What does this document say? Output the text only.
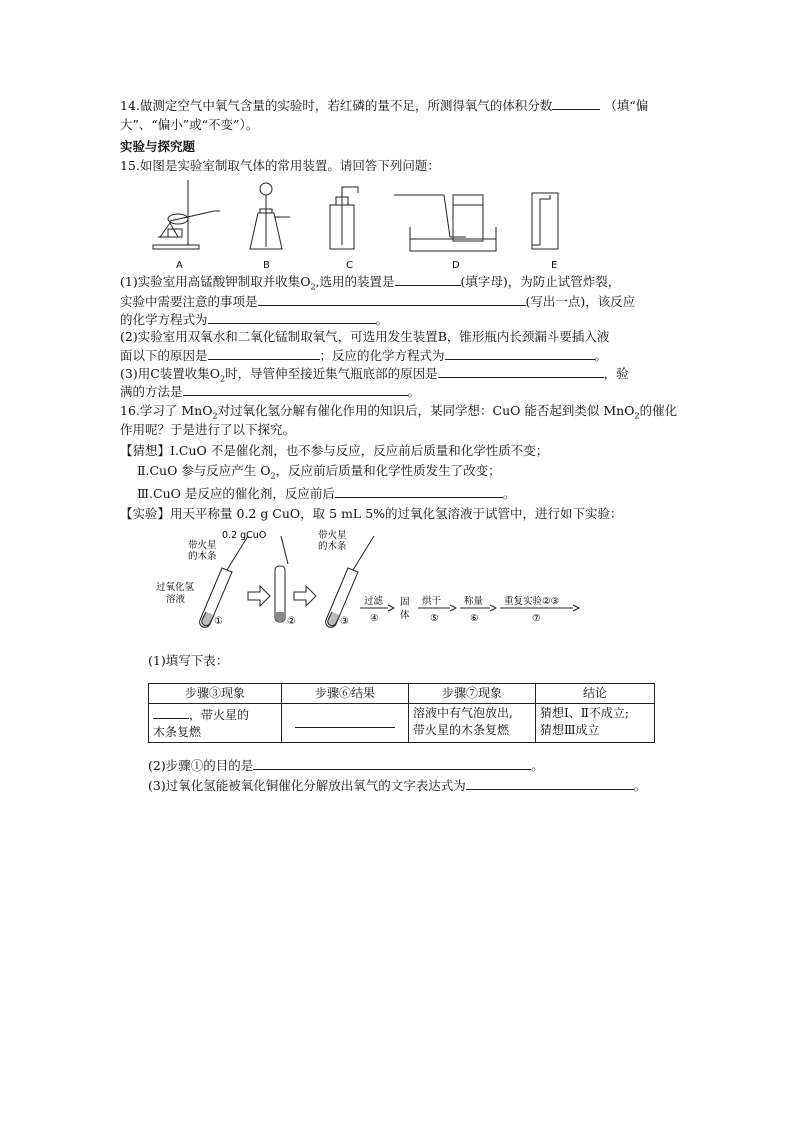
14.做测定空气中氧气含量的实验时，若红磷的量不足，所测得氧气的体积分数	（填“偏
大”、“偏小”或“不变”）。
实验与探究题
15.如图是实验室制取气体的常用装置。请回答下列问题：
A	B	C	D	E
(1)实验室用高锰酸钾制取并收集$O_2$,选用的装置是	(填字母)，为防止试管炸裂，
实验中需要注意的事项是	(写出一点)，该反应
的化学方程式为	。
(2)实验室用双氧水和二氧化锰制取氧气，可选用发生装置B，锥形瓶内长颈漏斗要插入液
面以下的原因是	；反应的化学方程式为	。
(3)用C装置收集$O_2$时，导管伸至接近集气瓶底部的原因是	，验
满的方法是	。
16.学习了 MnO$_2$对过氧化氢分解有催化作用的知识后，某同学想：CuO 能否起到类似 MnO$_2$的催化
作用呢？于是进行了以下探究。
【猜想】Ⅰ.CuO 不是催化剂，也不参与反应，反应前后质量和化学性质不变；
Ⅱ.CuO 参与反应产生 $O_2$，反应前后质量和化学性质发生了改变；
Ⅲ.CuO 是反应的催化剂，反应前后	。
【实验】用天平称量 0.2 g CuO，取 5 mL 5%的过氧化氢溶液于试管中，进行如下实验：
0.2 gCuO
带火星
的木条
带火星
的木条
过氧化氢
溶液
①	②	③
过滤
④
固
体
烘干
⑤
称量
⑥
重复实验②③
⑦
(1)填写下表：
步骤③现象	步骤⑥结果	步骤⑦现象	结论
，带火星的
木条复燃		溶液中有气泡放出,
带火星的木条复燃	猜想Ⅰ、Ⅱ不成立;
猜想Ⅲ成立
(2)步骤①的目的是	。
(3)过氧化氢能被氧化铜催化分解放出氧气的文字表达式为	。
